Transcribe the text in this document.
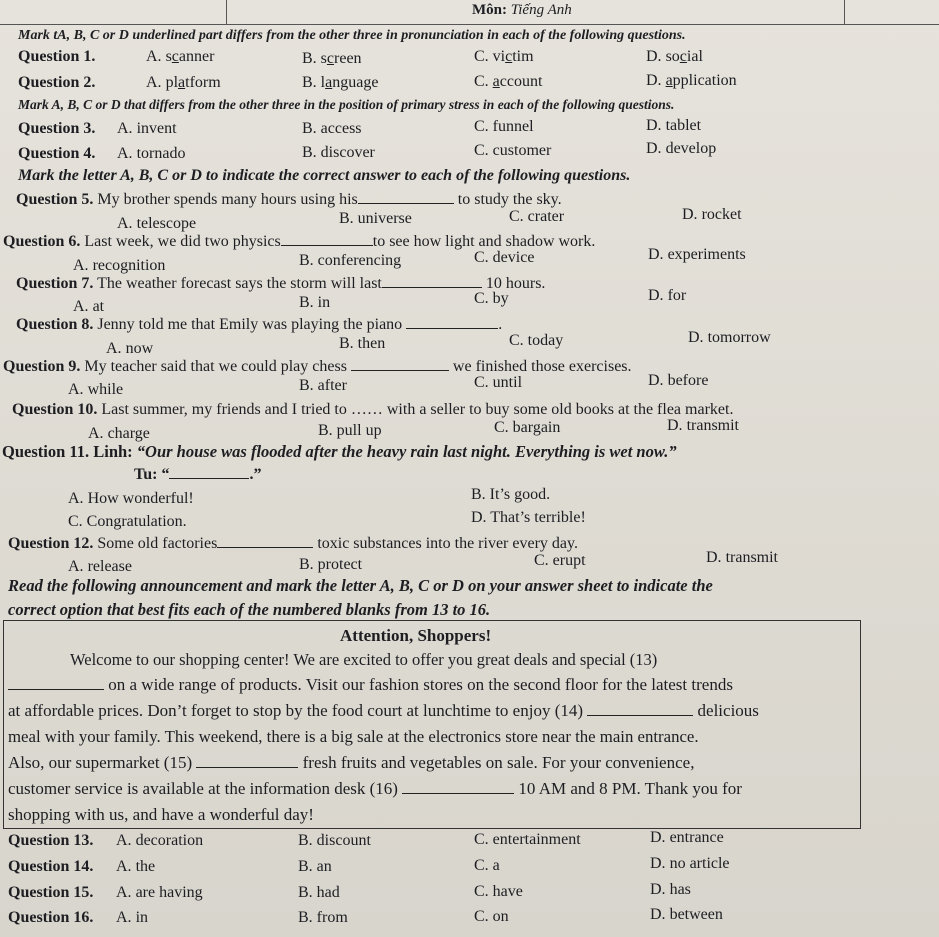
Môn: Tiếng Anh
Mark tA, B, C or D underlined part differs from the other three in pronunciation in each of the following questions.
Question 1.	A. scanner	B. screen	C. victim	D. social
Question 2.	A. platform	B. language	C. account	D. application
Mark A, B, C or D that differs from the other three in the position of primary stress in each of the following questions.
Question 3. A. invent	B. access	C. funnel	D. tablet
Question 4. A. tornado	B. discover	C. customer	D. develop
Mark the letter A, B, C or D to indicate the correct answer to each of the following questions.
Question 5. My brother spends many hours using his	to study the sky.
A. telescope	B. universe	C. crater	D. rocket
Question 6. Last week, we did two physics	to see how light and shadow work.
A. recognition	B. conferencing	C. device	D. experiments
Question 7. The weather forecast says the storm will last	10 hours.
A. at	B. in	C. by	D. for
Question 8. Jenny told me that Emily was playing the piano	.
A. now	B. then	C. today	D. tomorrow
Question 9. My teacher said that we could play chess	we finished those exercises.
A. while	B. after	C. until	D. before
Question 10. Last summer, my friends and I tried to …… with a seller to buy some old books at the flea market.
A. charge	B. pull up	C. bargain	D. transmit
Question 11. Linh: “Our house was flooded after the heavy rain last night. Everything is wet now.”
Tu: “	.”
A. How wonderful!	B. It’s good.
C. Congratulation.	D. That’s terrible!
Question 12. Some old factories	toxic substances into the river every day.
A. release	B. protect	C. erupt	D. transmit
Read the following announcement and mark the letter A, B, C or D on your answer sheet to indicate the
correct option that best fits each of the numbered blanks from 13 to 16.
Attention, Shoppers!
Welcome to our shopping center! We are excited to offer you great deals and special (13)
on a wide range of products. Visit our fashion stores on the second floor for the latest trends
at affordable prices. Don’t forget to stop by the food court at lunchtime to enjoy (14)	delicious
meal with your family. This weekend, there is a big sale at the electronics store near the main entrance.
Also, our supermarket (15)	fresh fruits and vegetables on sale. For your convenience,
customer service is available at the information desk (16)	10 AM and 8 PM. Thank you for
shopping with us, and have a wonderful day!
Question 13. A. decoration	B. discount	C. entertainment	D. entrance
Question 14. A. the	B. an	C. a	D. no article
Question 15. A. are having	B. had	C. have	D. has
Question 16. A. in	B. from	C. on	D. between
